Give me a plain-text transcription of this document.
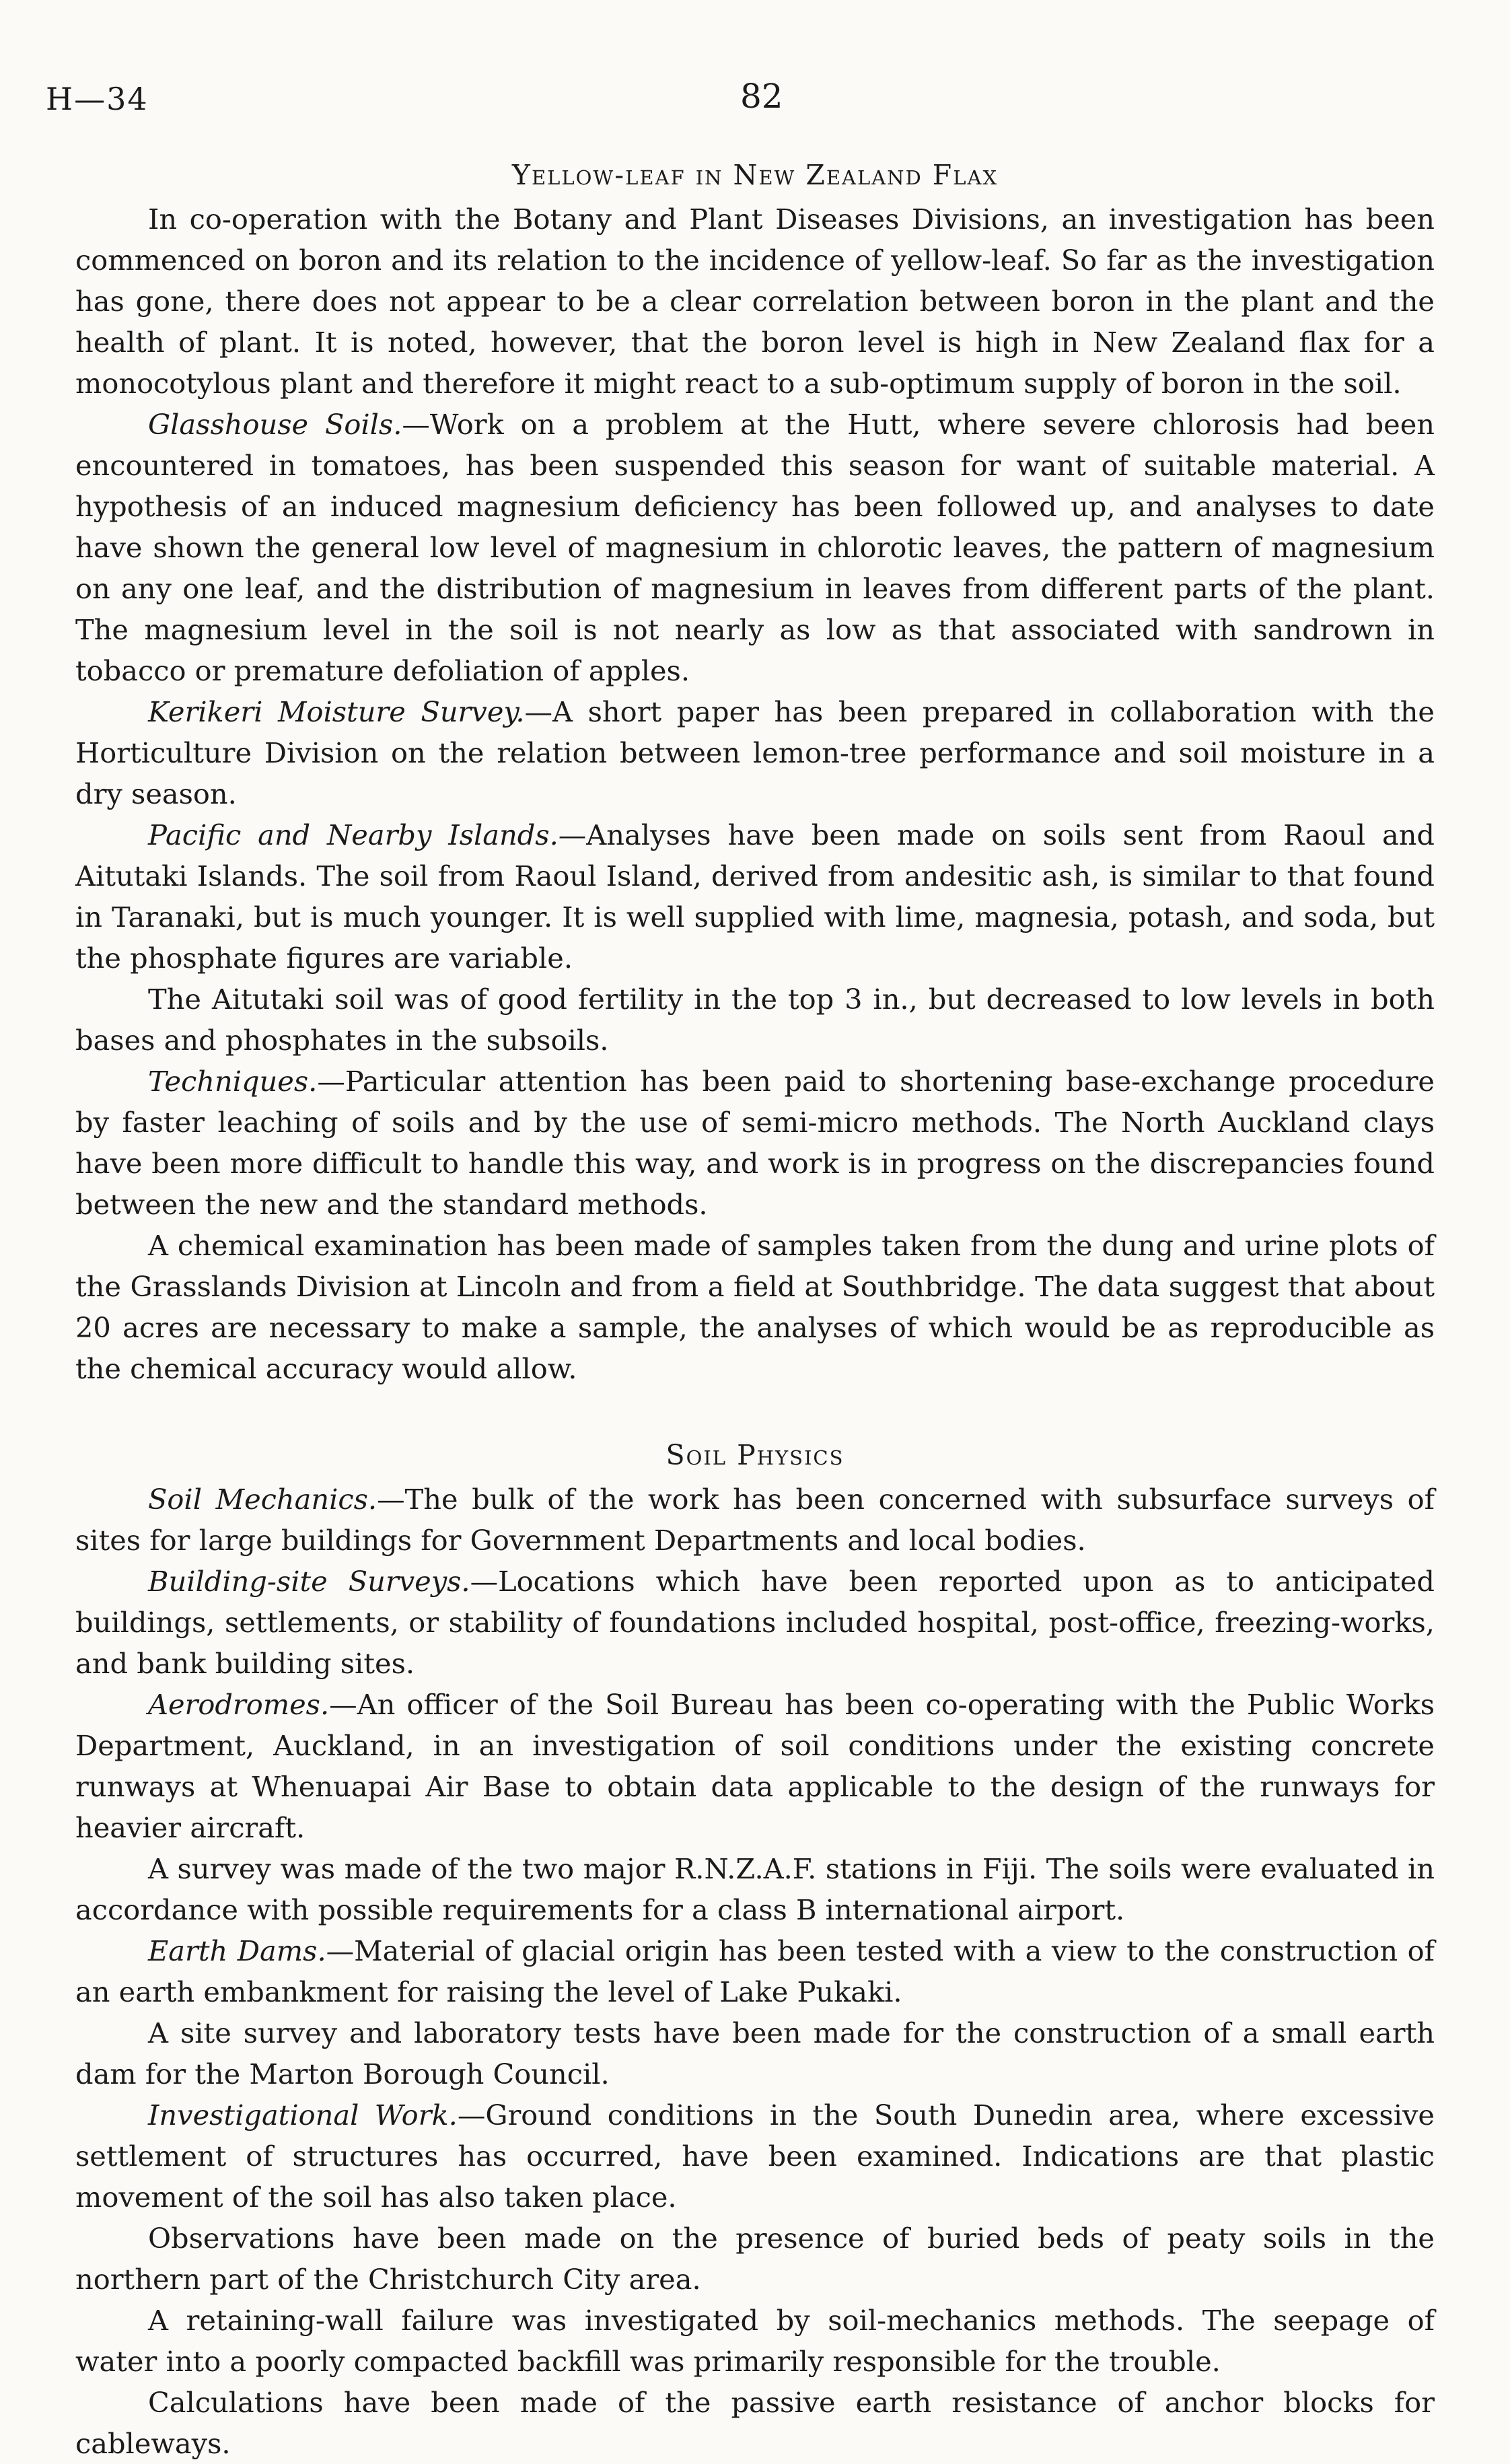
H—34	82
Yellow-leaf in New Zealand Flax

In co-operation with the Botany and Plant Diseases Divisions, an investigation has been commenced on boron and its relation to the incidence of yellow-leaf. So far as the investigation has gone, there does not appear to be a clear correlation between boron in the plant and the health of plant. It is noted, however, that the boron level is high in New Zealand flax for a monocotylous plant and therefore it might react to a sub-optimum supply of boron in the soil.

Glasshouse Soils.—Work on a problem at the Hutt, where severe chlorosis had been encountered in tomatoes, has been suspended this season for want of suitable material. A hypothesis of an induced magnesium deficiency has been followed up, and analyses to date have shown the general low level of magnesium in chlorotic leaves, the pattern of magnesium on any one leaf, and the distribution of magnesium in leaves from different parts of the plant. The magnesium level in the soil is not nearly as low as that associated with sandrown in tobacco or premature defoliation of apples.

Kerikeri Moisture Survey.—A short paper has been prepared in collaboration with the Horticulture Division on the relation between lemon-tree performance and soil moisture in a dry season.

Pacific and Nearby Islands.—Analyses have been made on soils sent from Raoul and Aitutaki Islands. The soil from Raoul Island, derived from andesitic ash, is similar to that found in Taranaki, but is much younger. It is well supplied with lime, magnesia, potash, and soda, but the phosphate figures are variable.

The Aitutaki soil was of good fertility in the top 3 in., but decreased to low levels in both bases and phosphates in the subsoils.

Techniques.—Particular attention has been paid to shortening base-exchange procedure by faster leaching of soils and by the use of semi-micro methods. The North Auckland clays have been more difficult to handle this way, and work is in progress on the discrepancies found between the new and the standard methods.

A chemical examination has been made of samples taken from the dung and urine plots of the Grasslands Division at Lincoln and from a field at Southbridge. The data suggest that about 20 acres are necessary to make a sample, the analyses of which would be as reproducible as the chemical accuracy would allow.

Soil Physics

Soil Mechanics.—The bulk of the work has been concerned with subsurface surveys of sites for large buildings for Government Departments and local bodies.

Building-site Surveys.—Locations which have been reported upon as to anticipated buildings, settlements, or stability of foundations included hospital, post-office, freezing-works, and bank building sites.

Aerodromes.—An officer of the Soil Bureau has been co-operating with the Public Works Department, Auckland, in an investigation of soil conditions under the existing concrete runways at Whenuapai Air Base to obtain data applicable to the design of the runways for heavier aircraft.

A survey was made of the two major R.N.Z.A.F. stations in Fiji. The soils were evaluated in accordance with possible requirements for a class B international airport.

Earth Dams.—Material of glacial origin has been tested with a view to the construction of an earth embankment for raising the level of Lake Pukaki.

A site survey and laboratory tests have been made for the construction of a small earth dam for the Marton Borough Council.

Investigational Work.—Ground conditions in the South Dunedin area, where excessive settlement of structures has occurred, have been examined. Indications are that plastic movement of the soil has also taken place.

Observations have been made on the presence of buried beds of peaty soils in the northern part of the Christchurch City area.

A retaining-wall failure was investigated by soil-mechanics methods. The seepage of water into a poorly compacted backfill was primarily responsible for the trouble.

Calculations have been made of the passive earth resistance of anchor blocks for cableways.
